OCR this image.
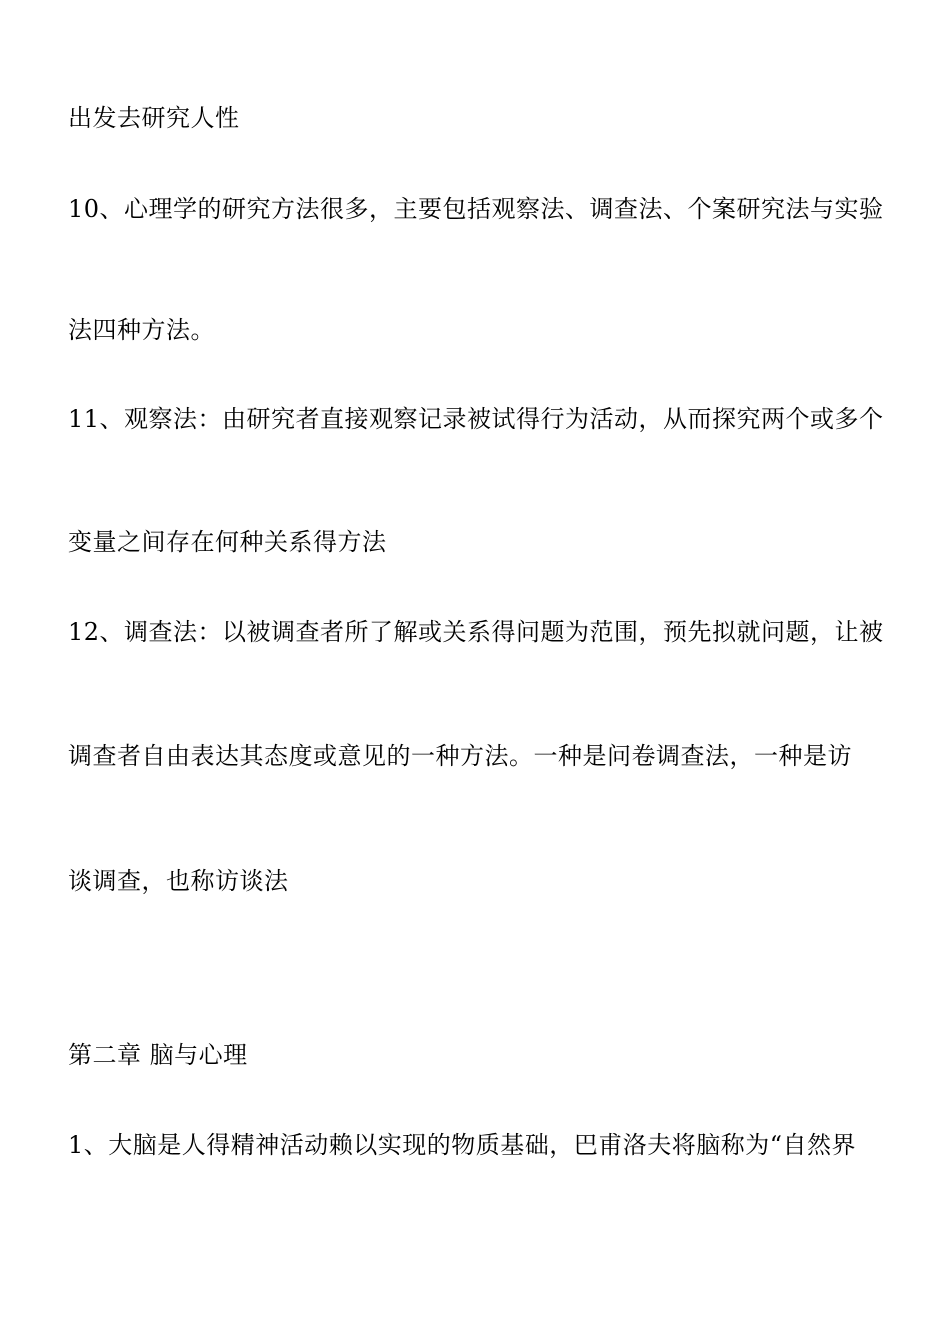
出发去研究人性
10、心理学的研究方法很多，主要包括观察法、调查法、个案研究法与实验
法四种方法。
11、观察法：由研究者直接观察记录被试得行为活动，从而探究两个或多个
变量之间存在何种关系得方法
12、调查法：以被调查者所了解或关系得问题为范围，预先拟就问题，让被
调查者自由表达其态度或意见的一种方法。一种是问卷调查法，一种是访
谈调查，也称访谈法
第二章 脑与心理
1、大脑是人得精神活动赖以实现的物质基础，巴甫洛夫将脑称为“自然界
